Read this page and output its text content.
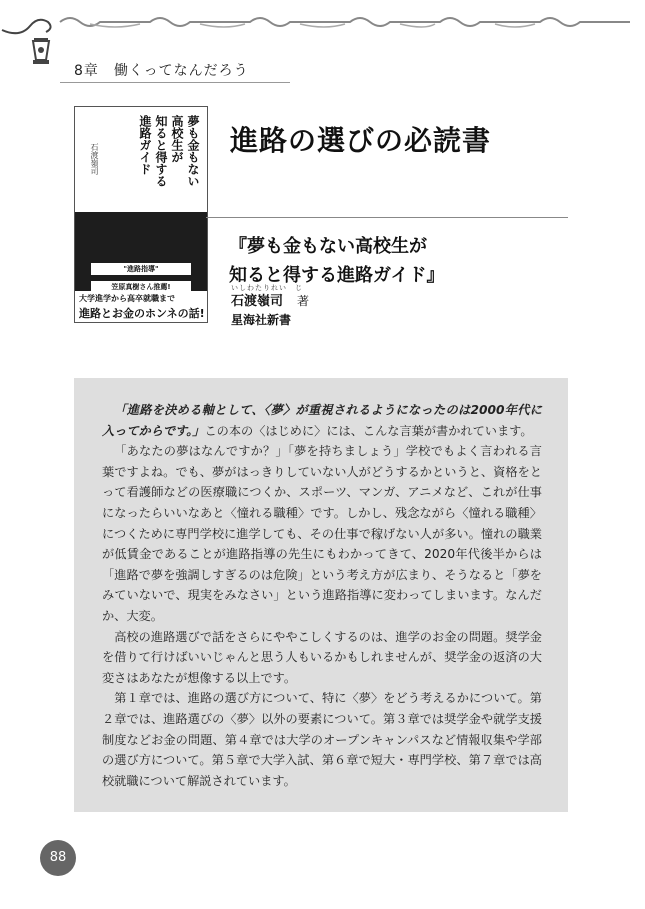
8章　働くってなんだろう
夢も金もない
高校生が
知ると得する
進路ガイド
石渡嶺司
"進路指導"
笠原真樹さん推薦!
大学進学から高卒就職まで
進路とお金のホンネの話!
進路の選びの必読書
『夢も金もない高校生が
知ると得する進路ガイド』
いしわたりれい　じ
石渡嶺司 著
星海社新書

「進路を決める軸として、〈夢〉が重視されるようになったのは2000年代に入ってからです。」この本の〈はじめに〉には、こんな言葉が書かれています。

「あなたの夢はなんですか？」「夢を持ちましょう」学校でもよく言われる言葉ですよね。でも、夢がはっきりしていない人がどうするかというと、資格をとって看護師などの医療職につくか、スポーツ、マンガ、アニメなど、これが仕事になったらいいなあと〈憧れる職種〉です。しかし、残念ながら〈憧れる職種〉につくために専門学校に進学しても、その仕事で稼げない人が多い。憧れの職業が低賃金であることが進路指導の先生にもわかってきて、2020年代後半からは「進路で夢を強調しすぎるのは危険」という考え方が広まり、そうなると「夢をみていないで、現実をみなさい」という進路指導に変わってしまいます。なんだか、大変。

高校の進路選びで話をさらにややこしくするのは、進学のお金の問題。奨学金を借りて行けばいいじゃんと思う人もいるかもしれませんが、奨学金の返済の大変さはあなたが想像する以上です。

第１章では、進路の選び方について、特に〈夢〉をどう考えるかについて。第２章では、進路選びの〈夢〉以外の要素について。第３章では奨学金や就学支援制度などお金の問題、第４章では大学のオープンキャンパスなど情報収集や学部の選び方について。第５章で大学入試、第６章で短大・専門学校、第７章では高校就職について解説されています。

88
